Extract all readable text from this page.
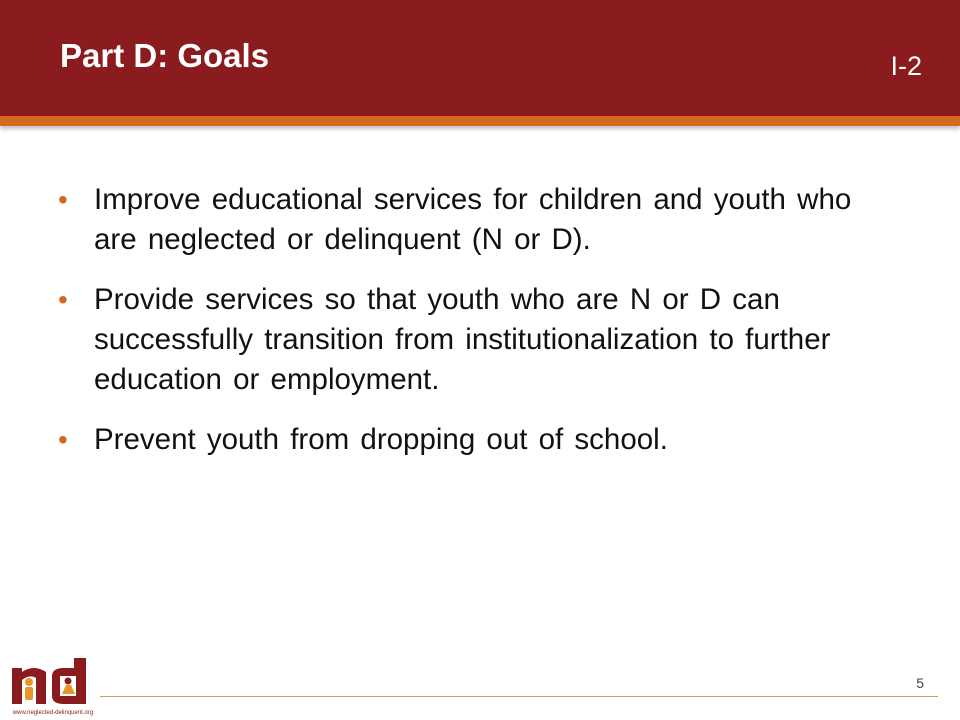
Part D: Goals	I-2
• Improve educational services for children and youth who are neglected or delinquent (N or D).
• Provide services so that youth who are N or D can successfully transition from institutionalization to further education or employment.
• Prevent youth from dropping out of school.
www.neglected-delinquent.org
5
